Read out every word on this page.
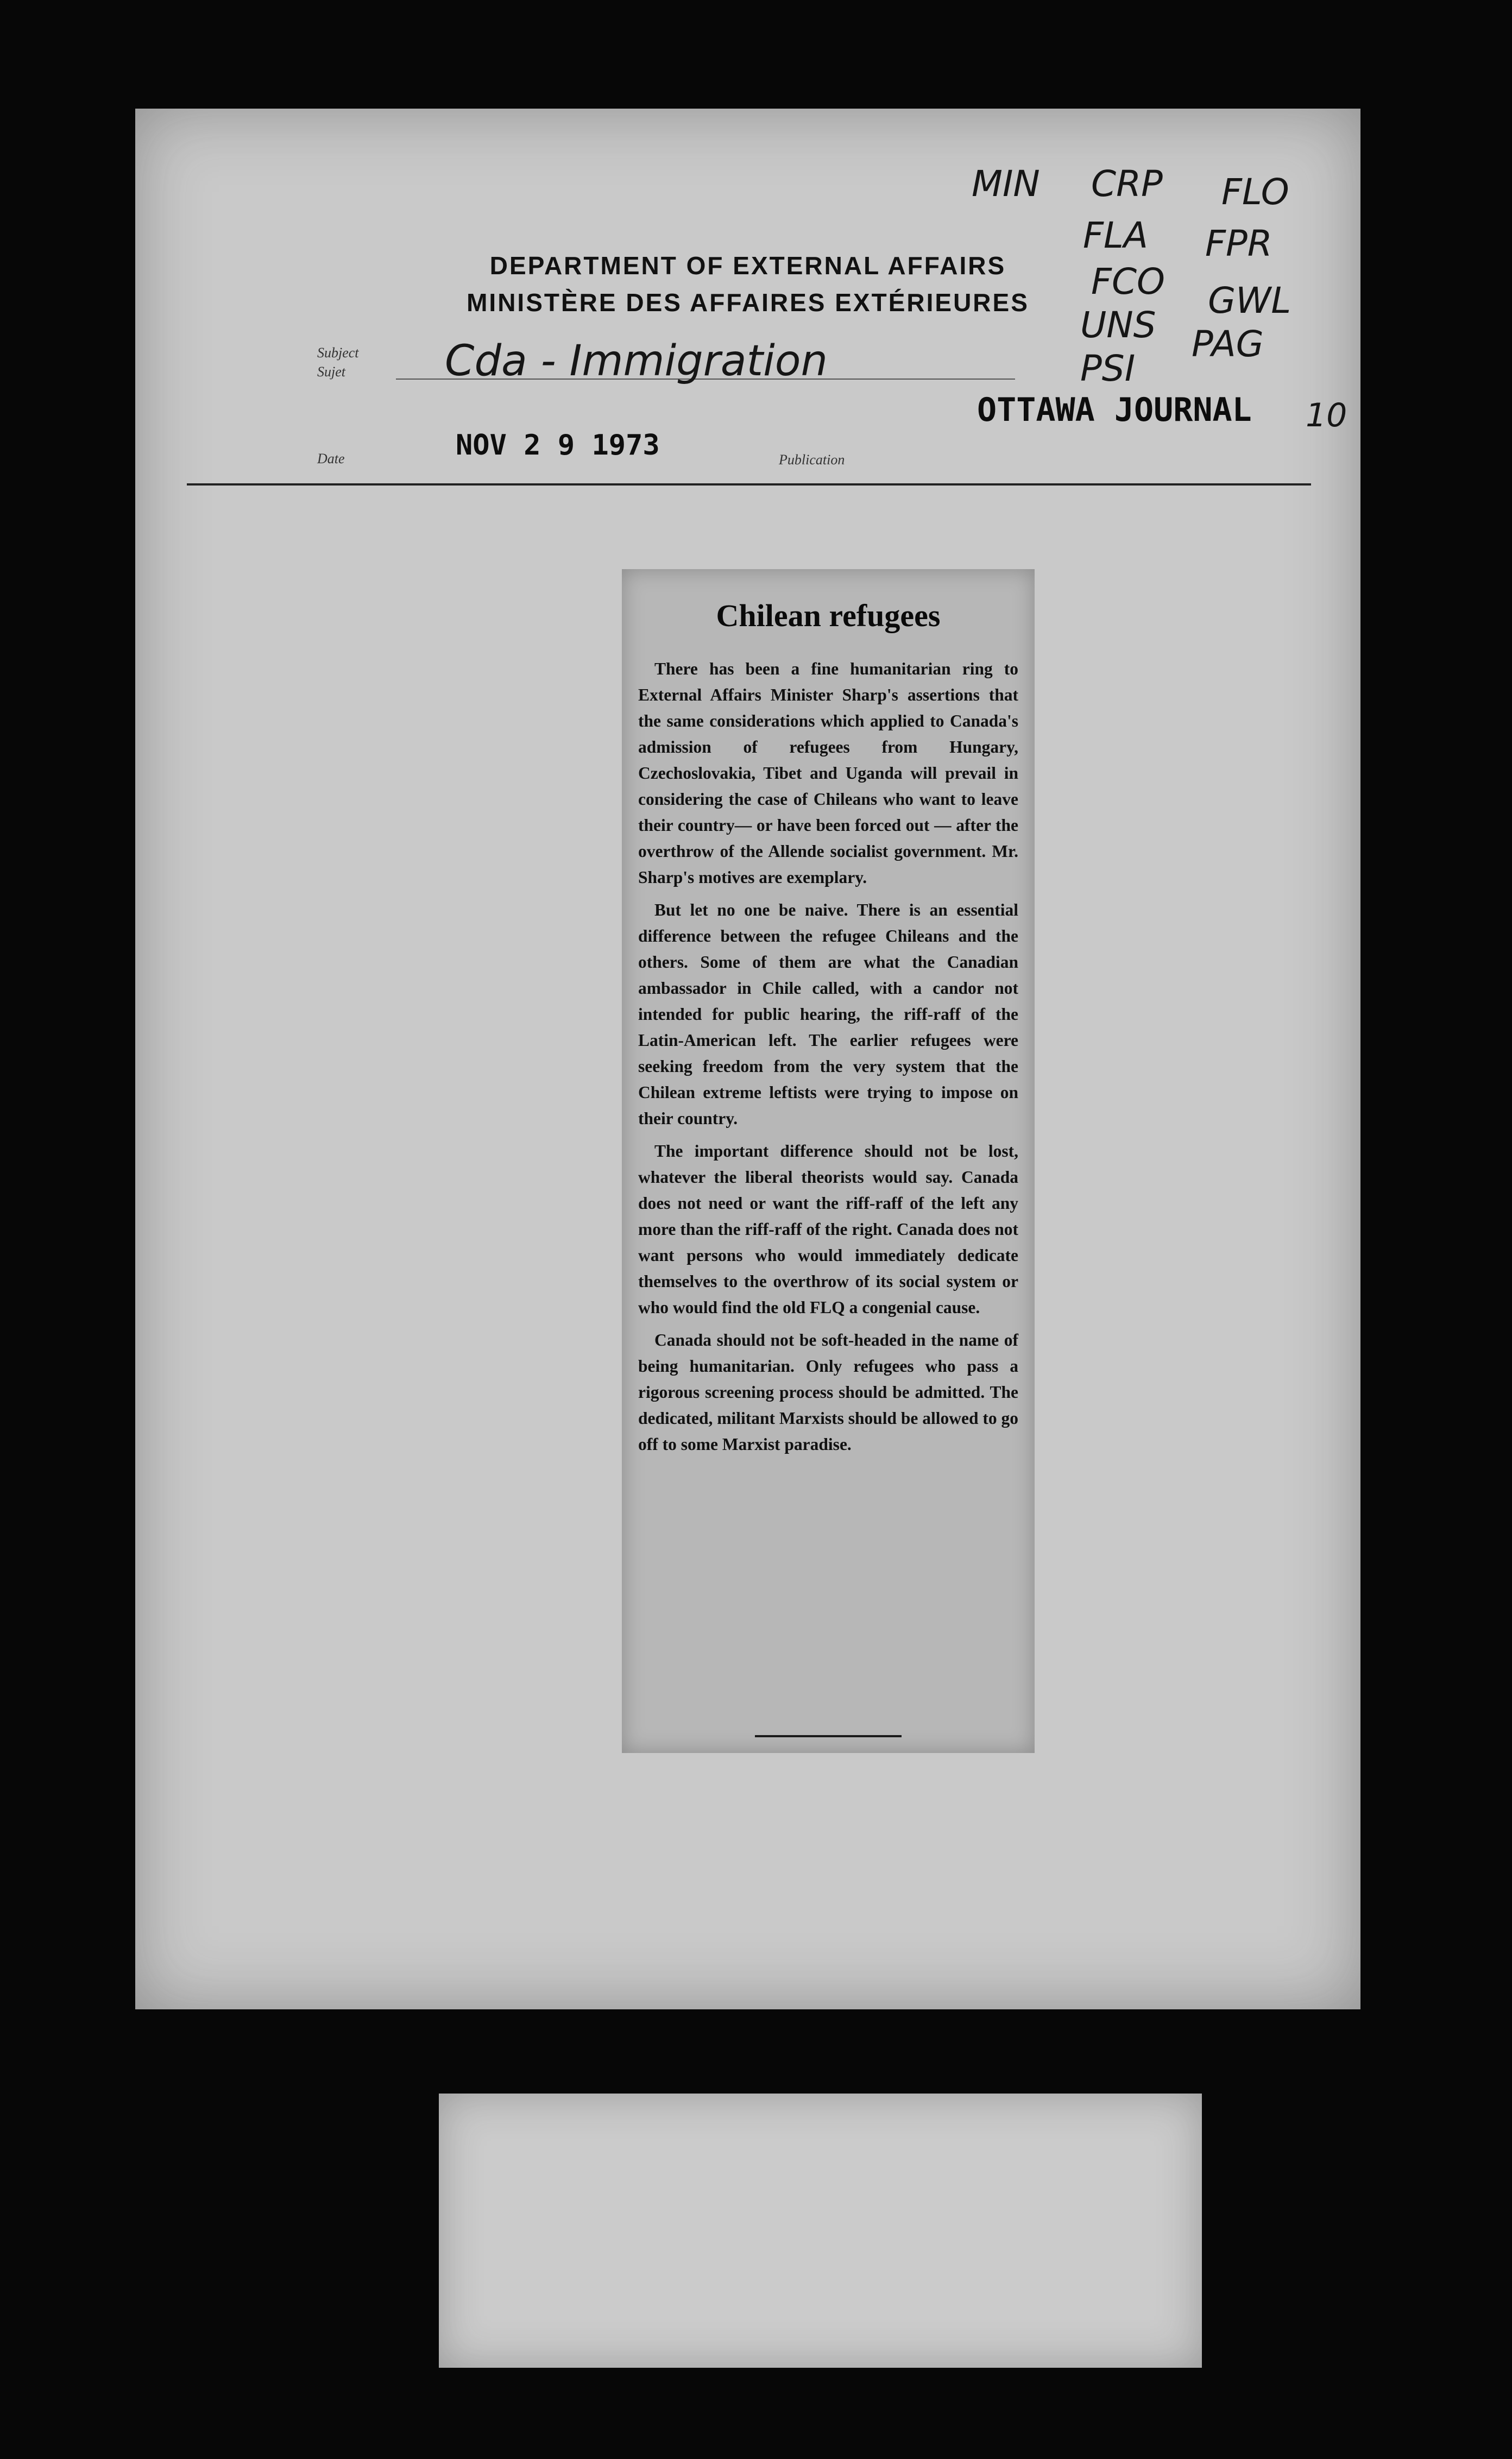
DEPARTMENT OF EXTERNAL AFFAIRS
MINISTÈRE DES AFFAIRES EXTÉRIEURES
Subject
Sujet Cda - Immigration
Date	NOV 2 9 1973	Publication
OTTAWA JOURNAL 10
MIN CRP FLO
FLA FPR
FCO GWL
UNS PAG
PSI
Chilean refugees

There has been a fine humanitarian ring to External Affairs Minister Sharp's assertions that the same considerations which applied to Canada's admission of refugees from Hungary, Czechoslovakia, Tibet and Uganda will prevail in considering the case of Chileans who want to leave their country— or have been forced out — after the overthrow of the Allende socialist government. Mr. Sharp's motives are exemplary.

But let no one be naive. There is an essential difference between the refugee Chileans and the others. Some of them are what the Canadian ambassador in Chile called, with a candor not intended for public hearing, the riff-raff of the Latin-American left. The earlier refugees were seeking freedom from the very system that the Chilean extreme leftists were trying to impose on their country.

The important difference should not be lost, whatever the liberal theorists would say. Canada does not need or want the riff-raff of the left any more than the riff-raff of the right. Canada does not want persons who would immediately dedicate themselves to the overthrow of its social system or who would find the old FLQ a congenial cause.

Canada should not be soft-headed in the name of being humanitarian. Only refugees who pass a rigorous screening process should be admitted. The dedicated, militant Marxists should be allowed to go off to some Marxist paradise.
